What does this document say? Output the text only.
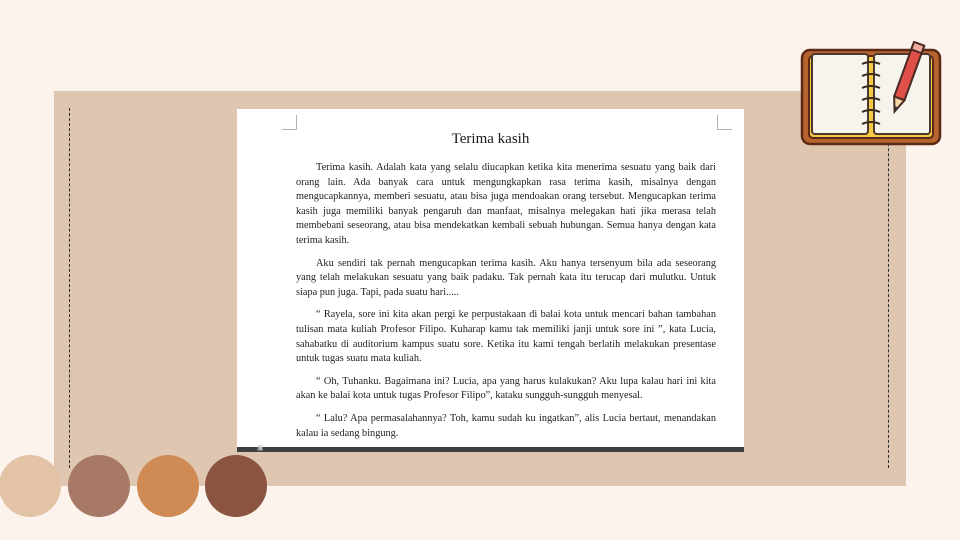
Terima kasih

Terima kasih. Adalah kata yang selalu diucapkan ketika kita menerima sesuatu yang baik dari orang lain. Ada banyak cara untuk mengungkapkan rasa terima kasih, misalnya dengan mengucapkannya, memberi sesuatu, atau bisa juga mendoakan orang tersebut. Mengucapkan terima kasih juga memiliki banyak pengaruh dan manfaat, misalnya melegakan hati jika merasa telah membebani seseorang, atau bisa mendekatkan kembali sebuah hubungan. Semua hanya dengan kata terima kasih.

Aku sendiri tak pernah mengucapkan terima kasih. Aku hanya tersenyum bila ada seseorang yang telah melakukan sesuatu yang baik padaku. Tak pernah kata itu terucap dari mulutku. Untuk siapa pun juga. Tapi, pada suatu hari.....

“ Rayela, sore ini kita akan pergi ke perpustakaan di balai kota untuk mencari bahan tambahan tulisan mata kuliah Profesor Filipo. Kuharap kamu tak memiliki janji untuk sore ini ”, kata Lucia, sahabatku di auditorium kampus suatu sore. Ketika itu kami tengah berlatih melakukan presentase untuk tugas suatu mata kuliah.

“ Oh, Tuhanku. Bagaimana ini? Lucia, apa yang harus kulakukan? Aku lupa kalau hari ini kita akan ke balai kota untuk tugas Profesor Filipo”, kataku sungguh-sungguh menyesal.

“ Lalu? Apa permasalahannya? Toh, kamu sudah ku ingatkan”, alis Lucia bertaut, menandakan kalau ia sedang bingung.

▣
